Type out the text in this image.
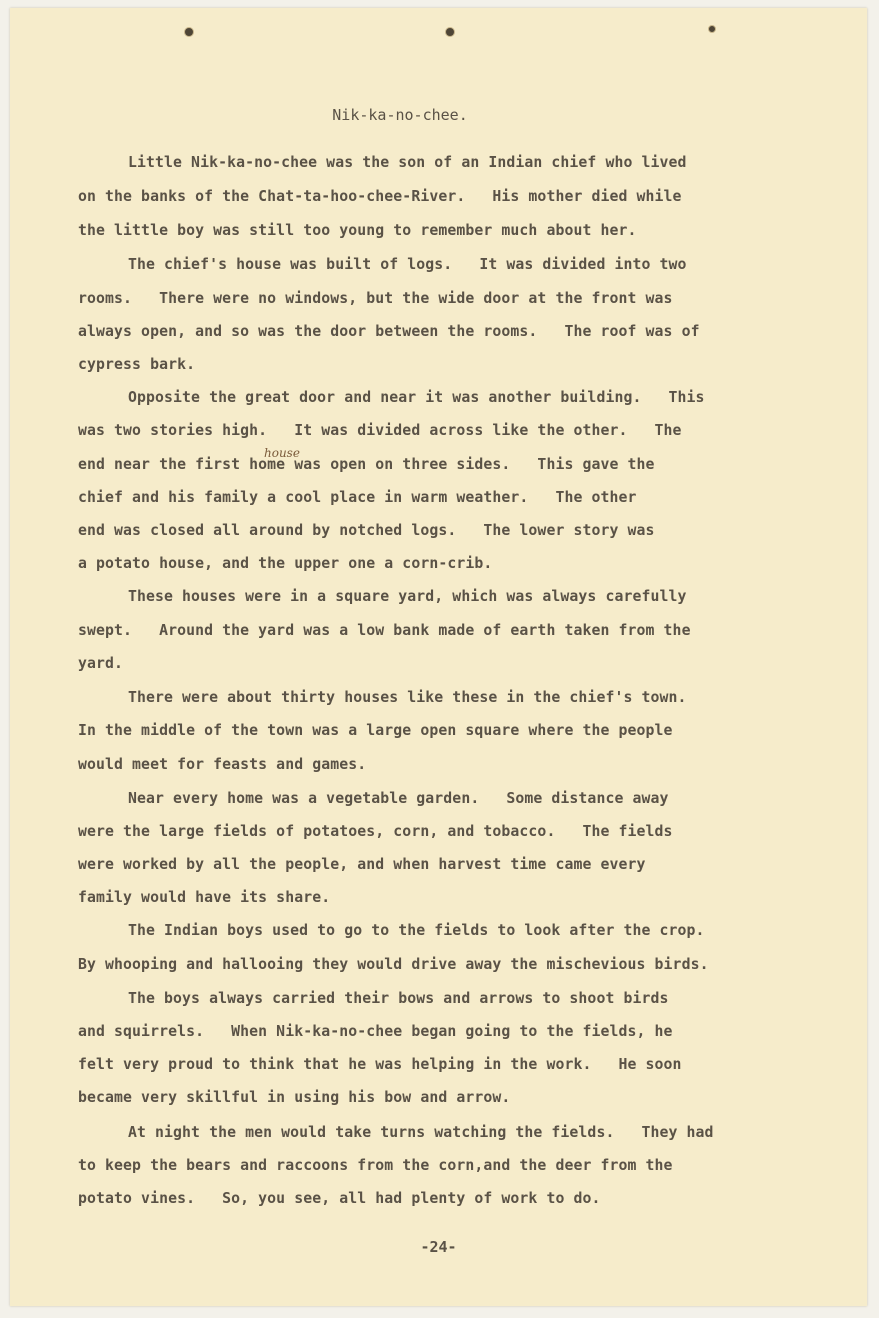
Nik-ka-no-chee.
Little Nik-ka-no-chee was the son of an Indian chief who lived
on the banks of the Chat-ta-hoo-chee-River.   His mother died while
the little boy was still too young to remember much about her.
The chief's house was built of logs.   It was divided into two
rooms.   There were no windows, but the wide door at the front was
always open, and so was the door between the rooms.   The roof was of
cypress bark.
Opposite the great door and near it was another building.   This
was two stories high.   It was divided across like the other.   The
house
end near the first home was open on three sides.   This gave the
chief and his family a cool place in warm weather.   The other
end was closed all around by notched logs.   The lower story was
a potato house, and the upper one a corn-crib.
These houses were in a square yard, which was always carefully
swept.   Around the yard was a low bank made of earth taken from the
yard.
There were about thirty houses like these in the chief's town.
In the middle of the town was a large open square where the people
would meet for feasts and games.
Near every home was a vegetable garden.   Some distance away
were the large fields of potatoes, corn, and tobacco.   The fields
were worked by all the people, and when harvest time came every
family would have its share.
The Indian boys used to go to the fields to look after the crop.
By whooping and hallooing they would drive away the mischevious birds.
The boys always carried their bows and arrows to shoot birds
and squirrels.   When Nik-ka-no-chee began going to the fields, he
felt very proud to think that he was helping in the work.   He soon
became very skillful in using his bow and arrow.
At night the men would take turns watching the fields.   They had
to keep the bears and raccoons from the corn,and the deer from the
potato vines.   So, you see, all had plenty of work to do.
-24-
